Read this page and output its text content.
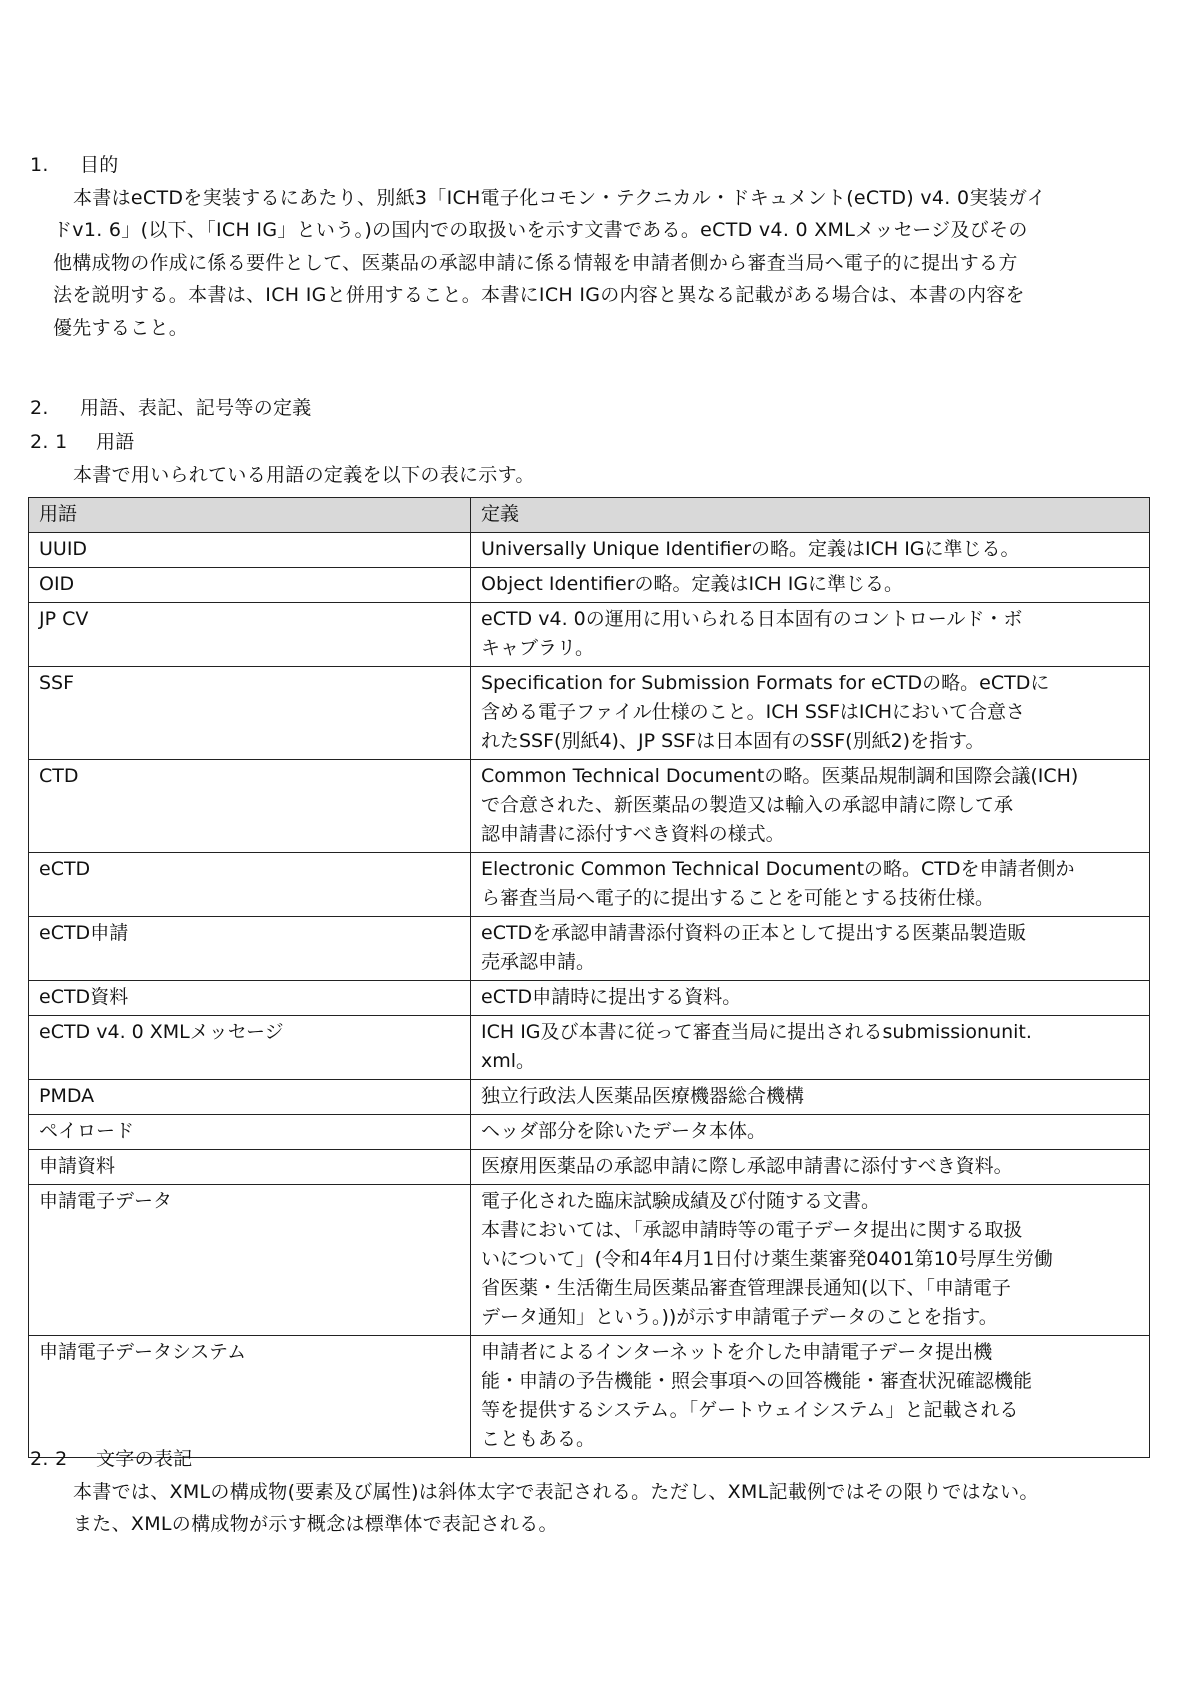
1. 目的
本書はeCTDを実装するにあたり、別紙3「ICH電子化コモン・テクニカル・ドキュメント(eCTD) v4. 0実装ガイ
ドv1. 6」(以下、「ICH IG」という。)の国内での取扱いを示す文書である。eCTD v4. 0 XMLメッセージ及びその
他構成物の作成に係る要件として、医薬品の承認申請に係る情報を申請者側から審査当局へ電子的に提出する方
法を説明する。本書は、ICH IGと併用すること。本書にICH IGの内容と異なる記載がある場合は、本書の内容を
優先すること。
2. 用語、表記、記号等の定義
2. 1 用語
本書で用いられている用語の定義を以下の表に示す。
用語	定義
UUID	Universally Unique Identifierの略。定義はICH IGに準じる。

OID	Object Identifierの略。定義はICH IGに準じる。

JP CV	eCTD v4. 0の運用に用いられる日本固有のコントロールド・ボ
キャブラリ。

SSF	Specification for Submission Formats for eCTDの略。eCTDに
含める電子ファイル仕様のこと。ICH SSFはICHにおいて合意さ
れたSSF(別紙4)、JP SSFは日本固有のSSF(別紙2)を指す。

CTD	Common Technical Documentの略。医薬品規制調和国際会議(ICH)
で合意された、新医薬品の製造又は輸入の承認申請に際して承
認申請書に添付すべき資料の様式。

eCTD	Electronic Common Technical Documentの略。CTDを申請者側か
ら審査当局へ電子的に提出することを可能とする技術仕様。

eCTD申請	eCTDを承認申請書添付資料の正本として提出する医薬品製造販
売承認申請。

eCTD資料	eCTD申請時に提出する資料。

eCTD v4. 0 XMLメッセージ	ICH IG及び本書に従って審査当局に提出されるsubmissionunit.
xml。

PMDA	独立行政法人医薬品医療機器総合機構

ペイロード	ヘッダ部分を除いたデータ本体。

申請資料	医療用医薬品の承認申請に際し承認申請書に添付すべき資料。

申請電子データ	電子化された臨床試験成績及び付随する文書。
本書においては、「承認申請時等の電子データ提出に関する取扱
いについて」(令和4年4月1日付け薬生薬審発0401第10号厚生労働
省医薬・生活衛生局医薬品審査管理課長通知(以下、「申請電子
データ通知」という。))が示す申請電子データのことを指す。

申請電子データシステム	申請者によるインターネットを介した申請電子データ提出機
能・申請の予告機能・照会事項への回答機能・審査状況確認機能
等を提供するシステム。「ゲートウェイシステム」と記載される
こともある。
2. 2 文字の表記
本書では、XMLの構成物(要素及び属性)は斜体太字で表記される。ただし、XML記載例ではその限りではない。
また、XMLの構成物が示す概念は標準体で表記される。
